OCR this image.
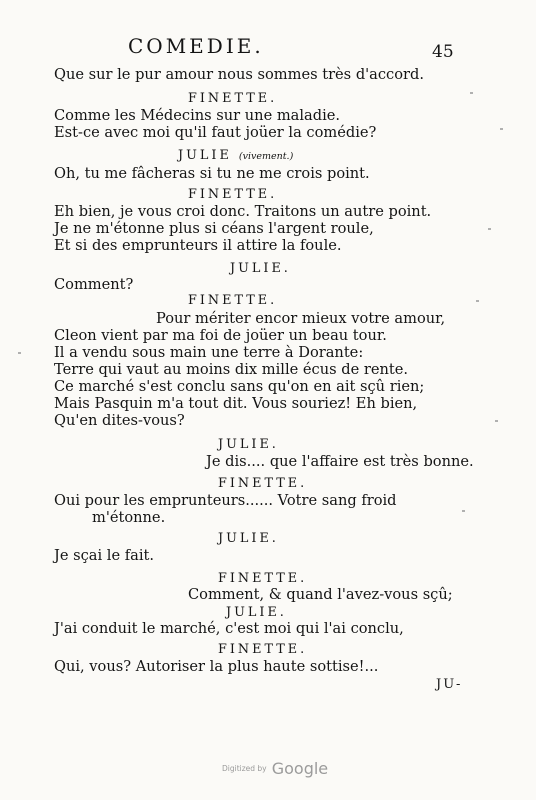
COMEDIE.	45
Que sur le pur amour nous sommes très d'accord.
FINETTE.
Comme les Médecins sur une maladie.
Est-ce avec moi qu'il faut joüer la comédie?
JULIE (vivement.)
Oh, tu me fâcheras si tu ne me crois point.
FINETTE.
Eh bien, je vous croi donc. Traitons un autre point.
Je ne m'étonne plus si céans l'argent roule,
Et si des emprunteurs il attire la foule.
JULIE.
Comment?
FINETTE.
Pour mériter encor mieux votre amour,
Cleon vient par ma foi de joüer un beau tour.
Il a vendu sous main une terre à Dorante:
Terre qui vaut au moins dix mille écus de rente.
Ce marché s'est conclu sans qu'on en ait sçû rien;
Mais Pasquin m'a tout dit. Vous souriez! Eh bien,
Qu'en dites-vous?
JULIE.
Je dis.... que l'affaire est très bonne.
FINETTE.
Oui pour les emprunteurs...... Votre sang froid
m'étonne.
JULIE.
Je sçai le fait.
FINETTE.
Comment, & quand l'avez-vous sçû;
JULIE.
J'ai conduit le marché, c'est moi qui l'ai conclu,
FINETTE.
Qui, vous? Autoriser la plus haute sottise!...
JU-
Digitized by Google
